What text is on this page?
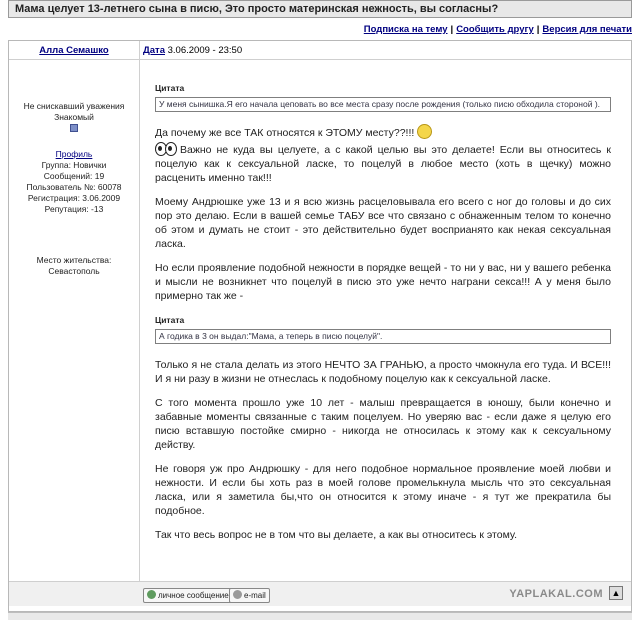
Мама целует 13-летнего сына в писю, Это просто материнская нежность, вы согласны?
Подписка на тему | Сообщить другу | Версия для печати
Алла Семашко	Дата 3.06.2009 - 23:50
Не снискавший уважения
Знакомый
Профиль
Группа: Новички
Сообщений: 19
Пользователь №: 60078
Регистрация: 3.06.2009
Репутация: -13
Место жительства:
Севастополь
Цитата
У меня сынишка.Я его начала цеповать во все места сразу после рождения (только писю обходила стороной ).

Да почему же все ТАК относятся к ЭТОМУ месту??!!!

Важно не куда вы целуете, а с какой целью вы это делаете! Если вы относитесь к поцелую как к сексуальной ласке, то поцелуй в любое место (хоть в щечку) можно расценить именно так!!!

Моему Андрюшке уже 13 и я всю жизнь расцеловывала его всего с ног до головы и до сих пор это делаю. Если в вашей семье ТАБУ все что связано с обнаженным телом то конечно об этом и думать не стоит - это действительно будет восприанято как некая сексуальная ласка.

Но если проявление подобной нежности в порядке вещей - то ни у вас, ни у вашего ребенка и мысли не возникнет что поцелуй в писю это уже нечто награни секса!!! А у меня было примерно так же -

Цитата
А годика в 3 он выдал:"Мама, а теперь в писю поцелуй".

Только я не стала делать из этого НЕЧТО ЗА ГРАНЬЮ, а просто чмокнула его туда. И ВСЕ!!! И я ни разу в жизни не отнеслась к подобному поцелую как к сексуальной ласке.

С того момента прошло уже 10 лет - малыш превращается в юношу, были конечно и забавные моменты связанные с таким поцелуем. Но уверяю вас - если даже я целую его писю вставшую постойке смирно - никогда не относилась к этому как к сексуальному действу.

Не говоря уж про Андрюшку - для него подобное нормальное проявление моей любви и нежности. И если бы хоть раз в моей голове промелькнула мысль что это сексуальная ласка, или я заметила бы,что он относится к этому иначе - я тут же прекратила бы подобное.

Так что весь вопрос не в том что вы делаете, а как вы относитесь к этому.

личное сообщение	e-mail	YAPLAKAL.COM ▲
